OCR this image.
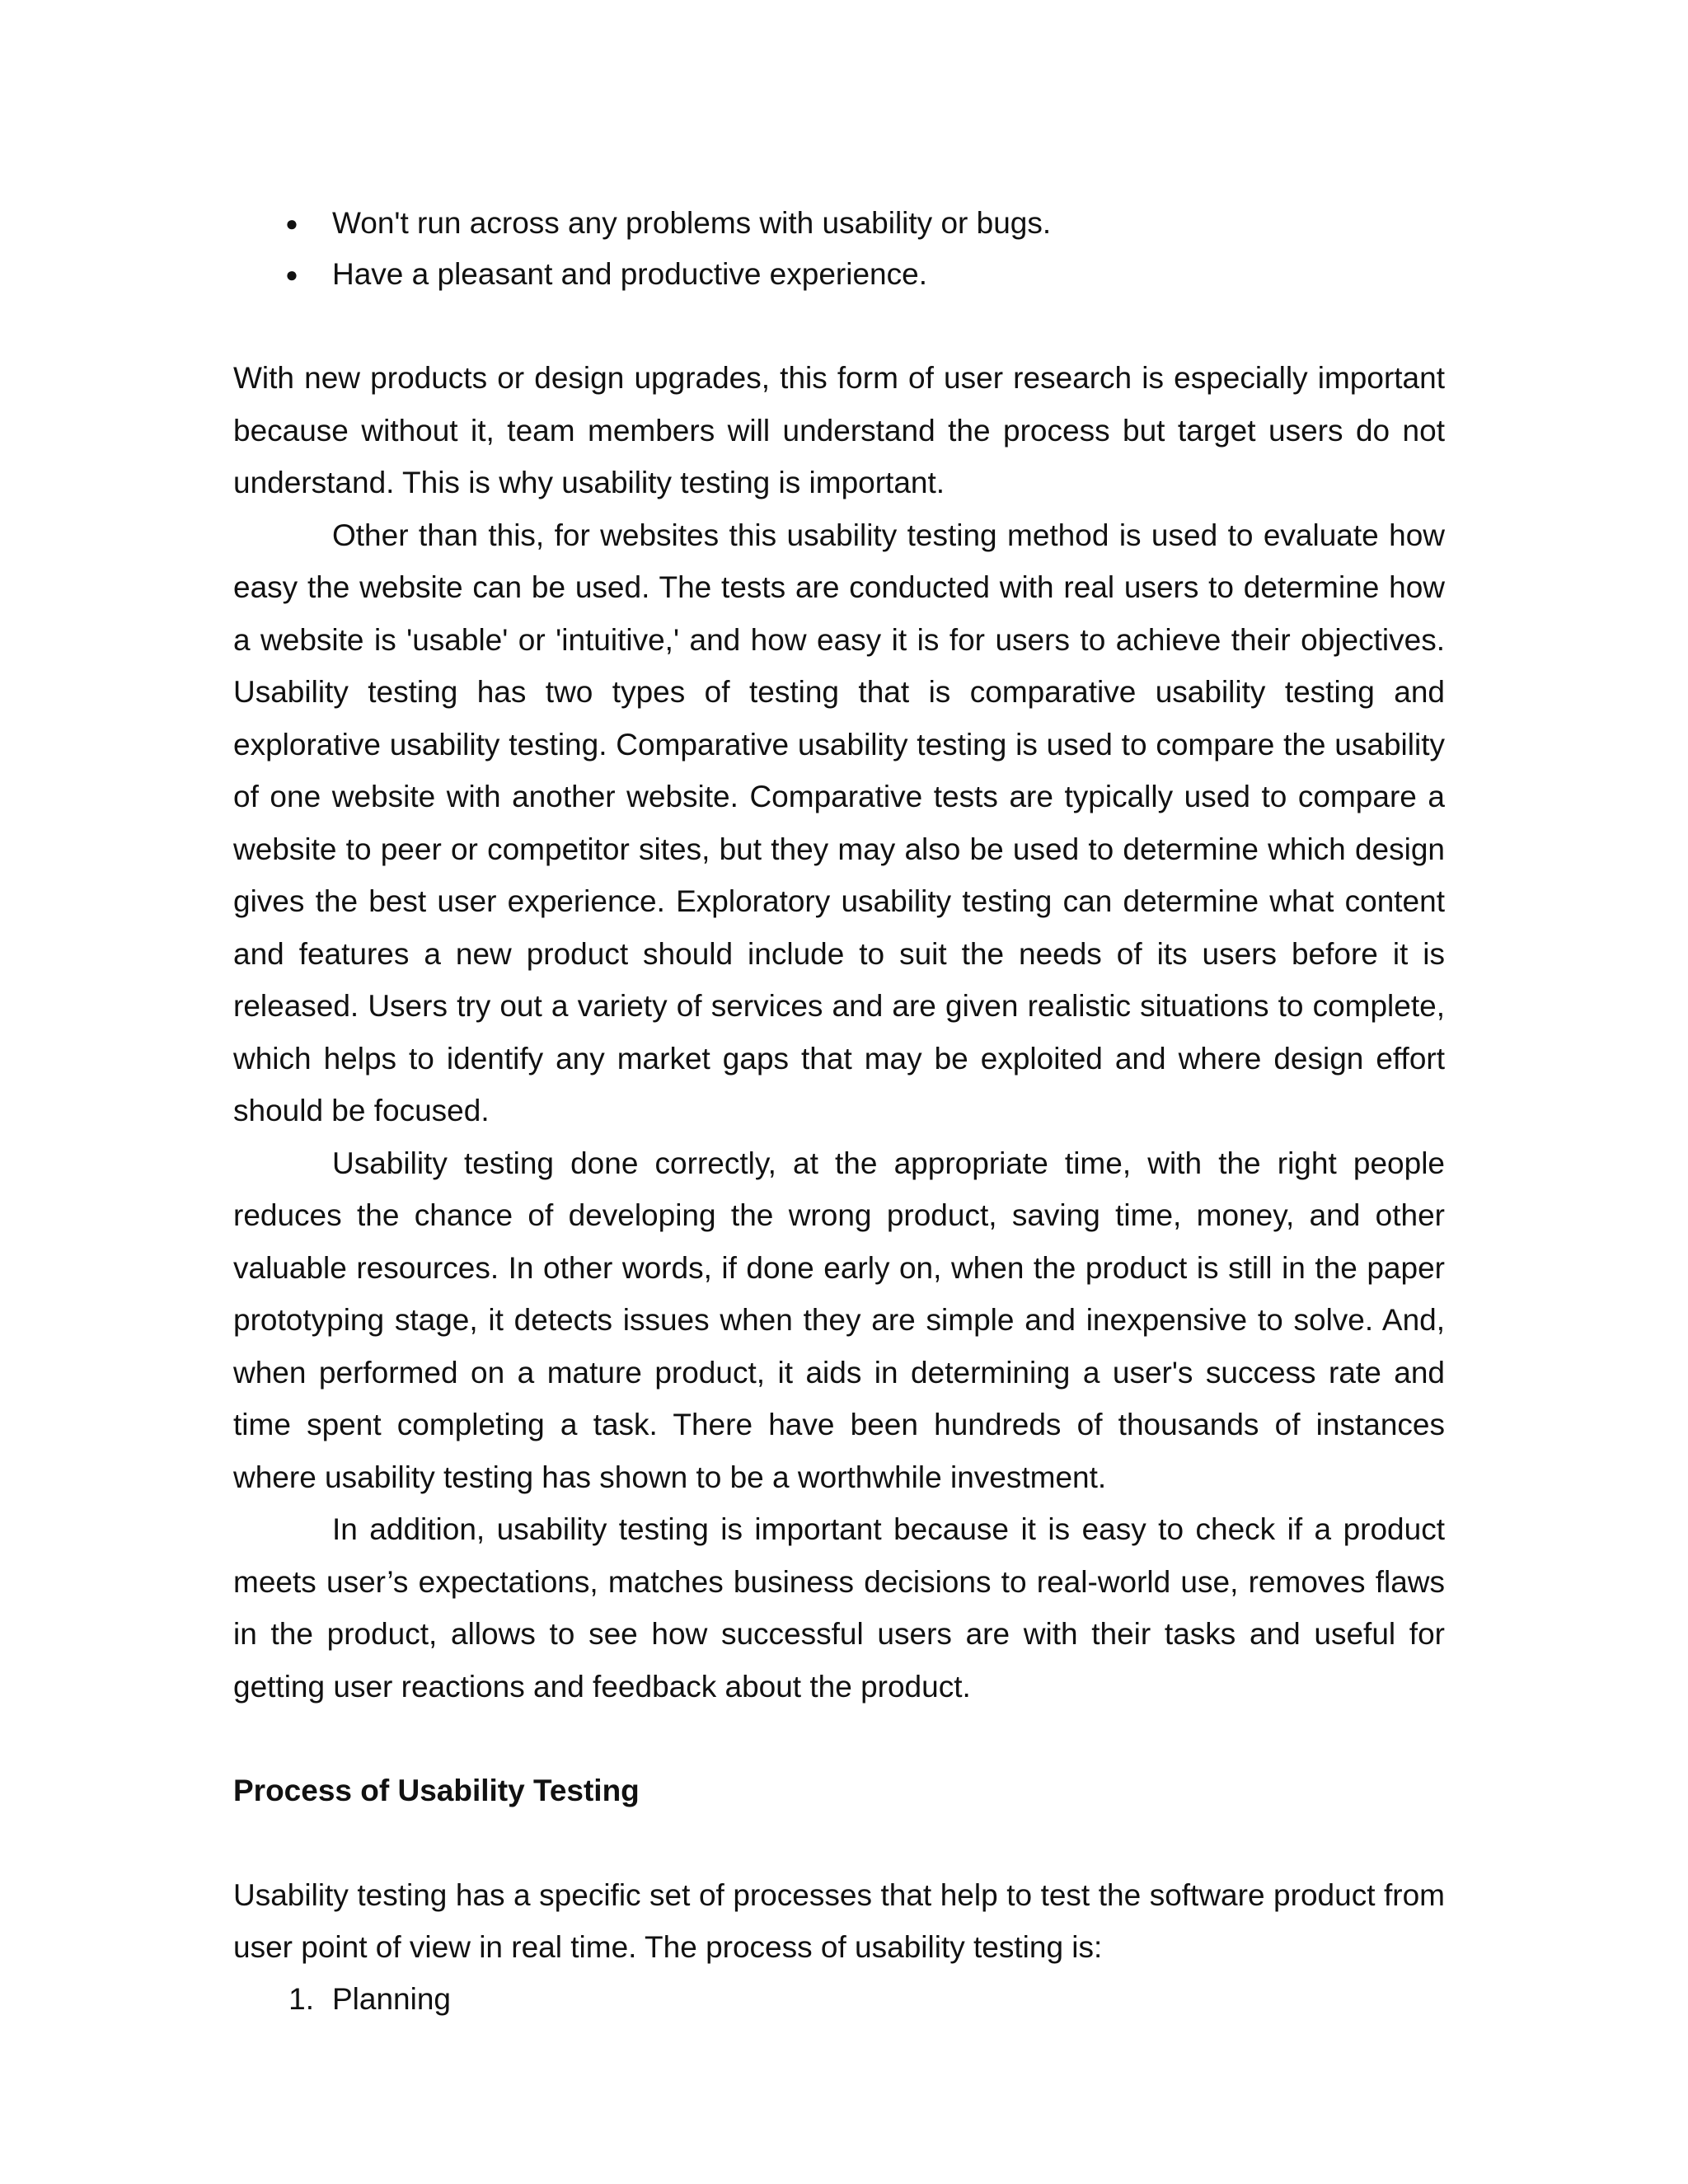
● Won't run across any problems with usability or bugs.
● Have a pleasant and productive experience.

With new products or design upgrades, this form of user research is especially important because without it, team members will understand the process but target users do not understand. This is why usability testing is important.

Other than this, for websites this usability testing method is used to evaluate how easy the website can be used. The tests are conducted with real users to determine how a website is 'usable' or 'intuitive,' and how easy it is for users to achieve their objectives. Usability testing has two types of testing that is comparative usability testing and explorative usability testing. Comparative usability testing is used to compare the usability of one website with another website. Comparative tests are typically used to compare a website to peer or competitor sites, but they may also be used to determine which design gives the best user experience. Exploratory usability testing can determine what content and features a new product should include to suit the needs of its users before it is released. Users try out a variety of services and are given realistic situations to complete, which helps to identify any market gaps that may be exploited and where design effort should be focused.

Usability testing done correctly, at the appropriate time, with the right people reduces the chance of developing the wrong product, saving time, money, and other valuable resources. In other words, if done early on, when the product is still in the paper prototyping stage, it detects issues when they are simple and inexpensive to solve. And, when performed on a mature product, it aids in determining a user's success rate and time spent completing a task. There have been hundreds of thousands of instances where usability testing has shown to be a worthwhile investment.

In addition, usability testing is important because it is easy to check if a product meets user’s expectations, matches business decisions to real-world use, removes flaws in the product, allows to see how successful users are with their tasks and useful for getting user reactions and feedback about the product.

Process of Usability Testing

Usability testing has a specific set of processes that help to test the software product from user point of view in real time. The process of usability testing is:

1. Planning
